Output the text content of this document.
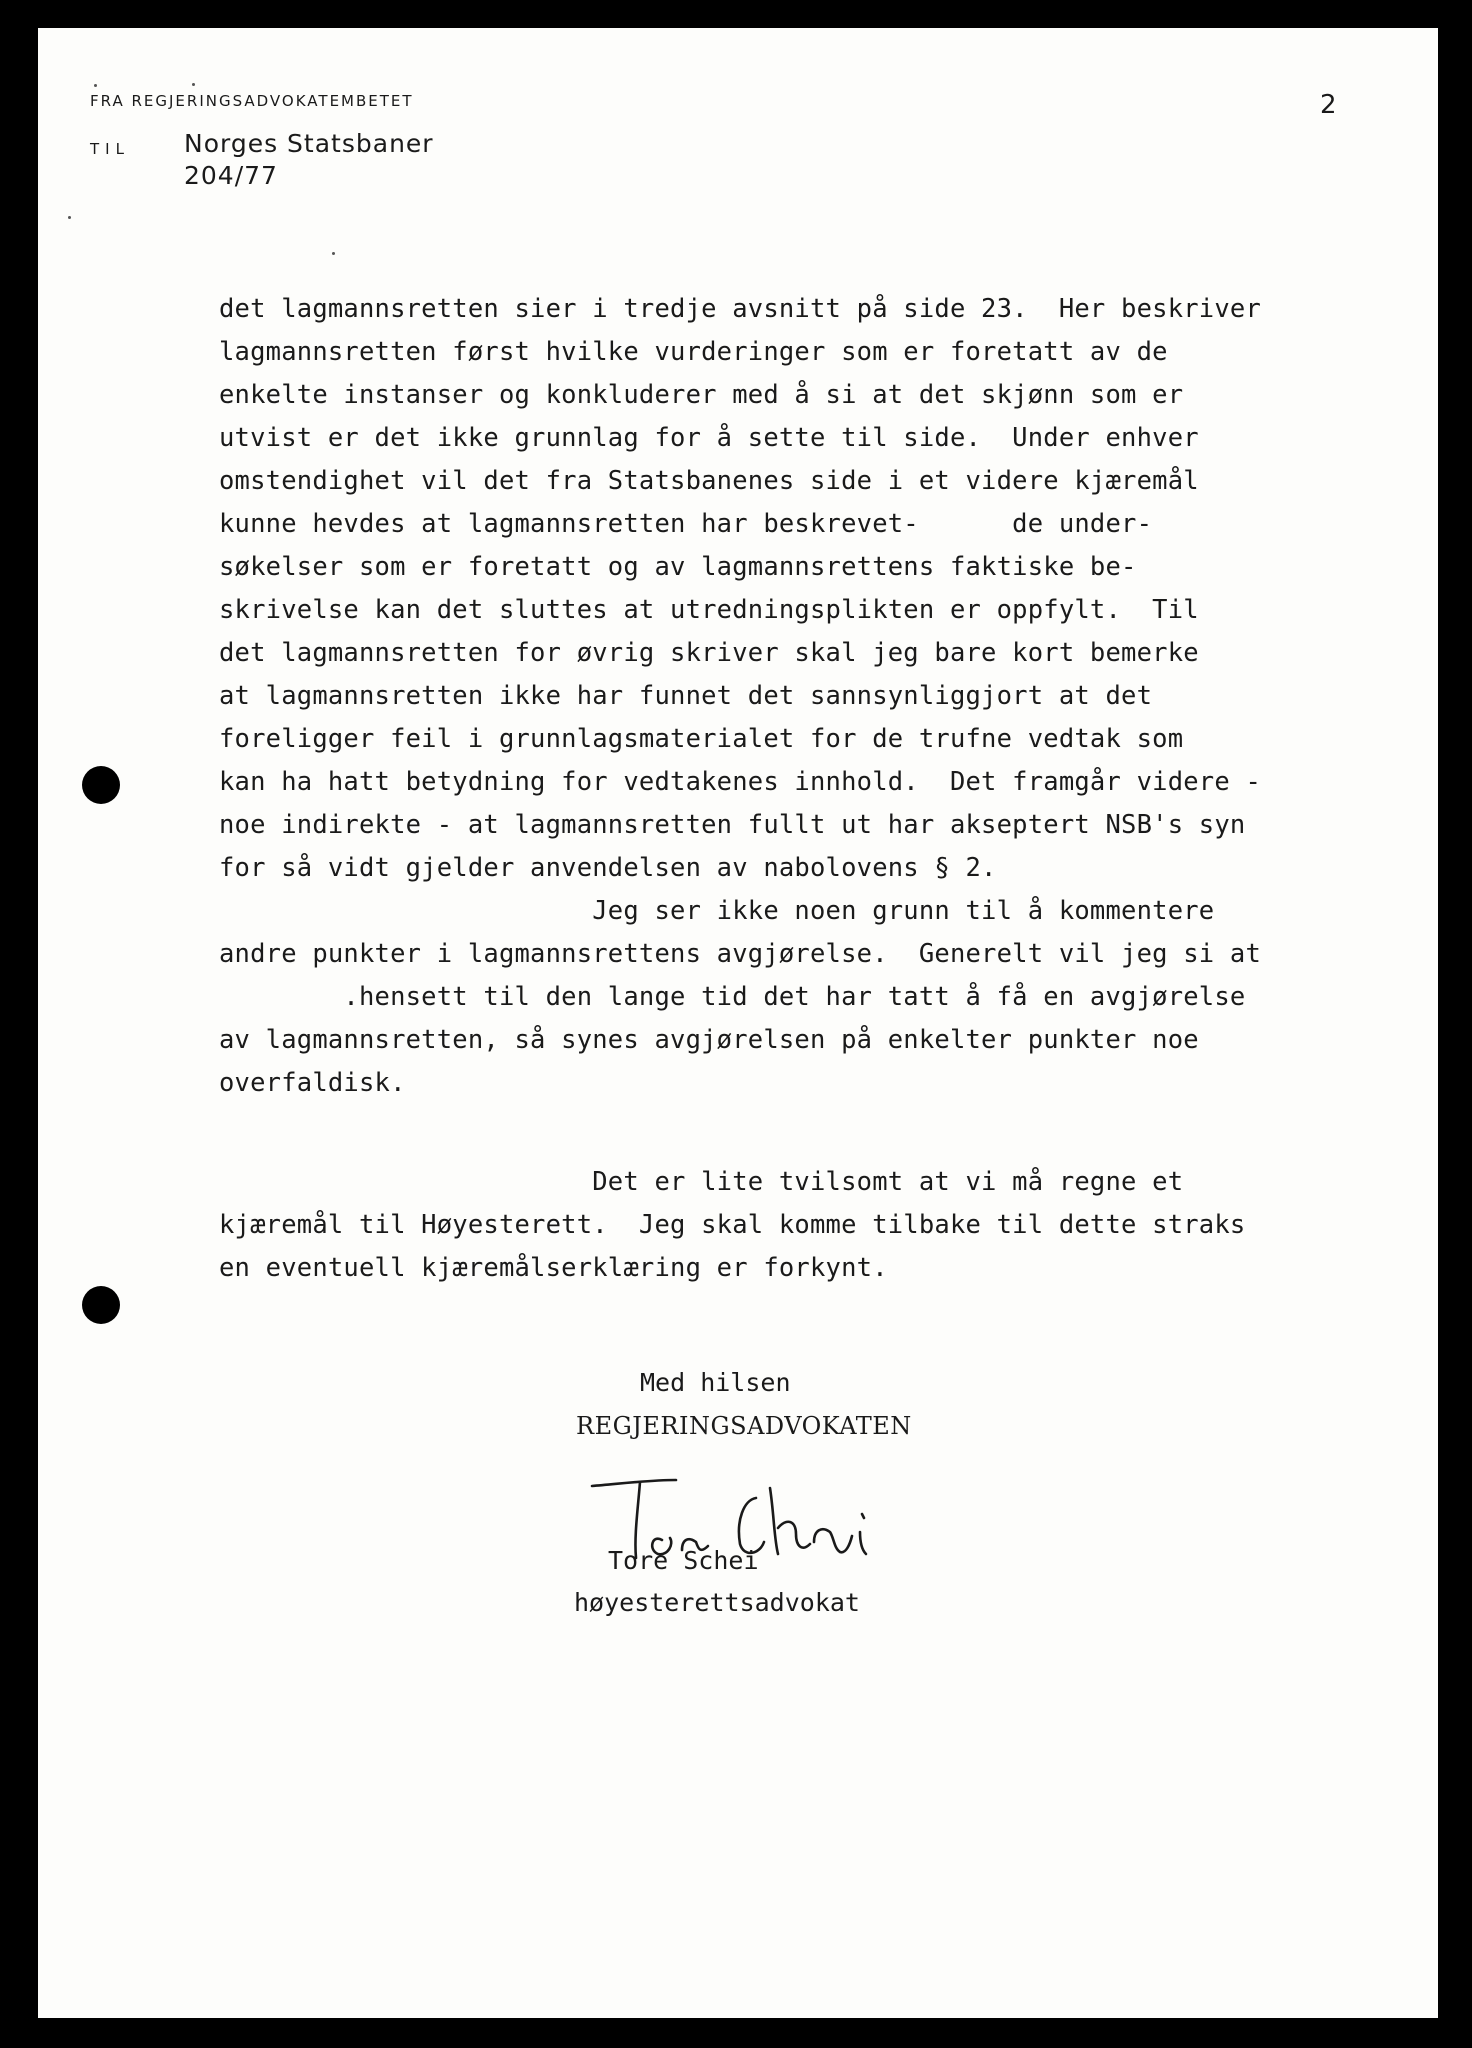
FRA REGJERINGSADVOKATEMBETET
TIL Norges Statsbaner
204/77
2
det lagmannsretten sier i tredje avsnitt på side 23.  Her beskriver
lagmannsretten først hvilke vurderinger som er foretatt av de
enkelte instanser og konkluderer med å si at det skjønn som er
utvist er det ikke grunnlag for å sette til side.  Under enhver
omstendighet vil det fra Statsbanenes side i et videre kjæremål
kunne hevdes at lagmannsretten har beskrevet-      de under-
søkelser som er foretatt og av lagmannsrettens faktiske be-
skrivelse kan det sluttes at utredningsplikten er oppfylt.  Til
det lagmannsretten for øvrig skriver skal jeg bare kort bemerke
at lagmannsretten ikke har funnet det sannsynliggjort at det
foreligger feil i grunnlagsmaterialet for de trufne vedtak som
kan ha hatt betydning for vedtakenes innhold.  Det framgår videre -
noe indirekte - at lagmannsretten fullt ut har akseptert NSB's syn
for så vidt gjelder anvendelsen av nabolovens § 2.
Jeg ser ikke noen grunn til å kommentere
andre punkter i lagmannsrettens avgjørelse.  Generelt vil jeg si at
.hensett til den lange tid det har tatt å få en avgjørelse
av lagmannsretten, så synes avgjørelsen på enkelter punkter noe
overfaldisk.
Det er lite tvilsomt at vi må regne et
kjæremål til Høyesterett.  Jeg skal komme tilbake til dette straks
en eventuell kjæremålserklæring er forkynt.
Med hilsen
REGJERINGSADVOKATEN
Tore Schei
høyesterettsadvokat
